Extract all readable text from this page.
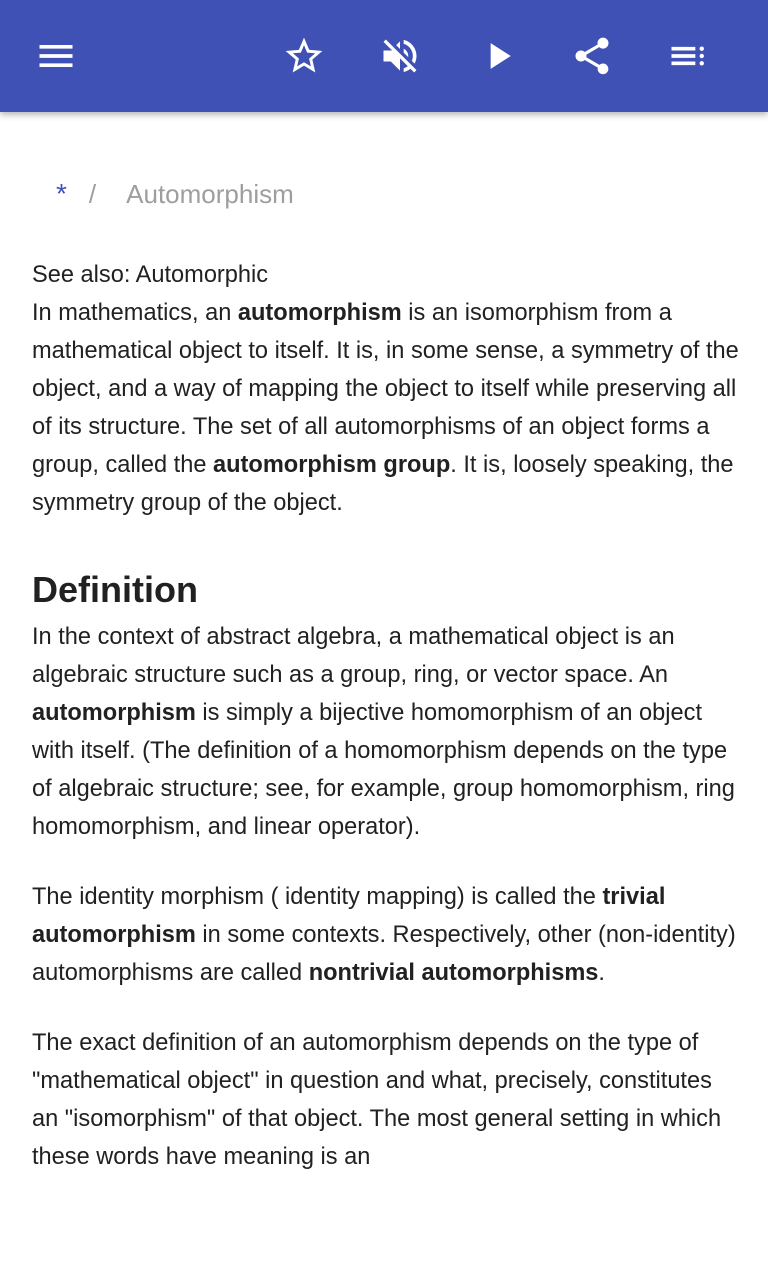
* / Automorphism

See also: Automorphic

In mathematics, an automorphism is an isomorphism from a mathematical object to itself. It is, in some sense, a symmetry of the object, and a way of mapping the object to itself while preserving all of its structure. The set of all automorphisms of an object forms a group, called the automorphism group. It is, loosely speaking, the symmetry group of the object.

Definition

In the context of abstract algebra, a mathematical object is an algebraic structure such as a group, ring, or vector space. An automorphism is simply a bijective homomorphism of an object with itself. (The definition of a homomorphism depends on the type of algebraic structure; see, for example, group homomorphism, ring homomorphism, and linear operator).

The identity morphism ( identity mapping) is called the trivial automorphism in some contexts. Respectively, other (non-identity) automorphisms are called nontrivial automorphisms.

The exact definition of an automorphism depends on the type of "mathematical object" in question and what, precisely, constitutes an "isomorphism" of that object. The most general setting in which these words have meaning is an
